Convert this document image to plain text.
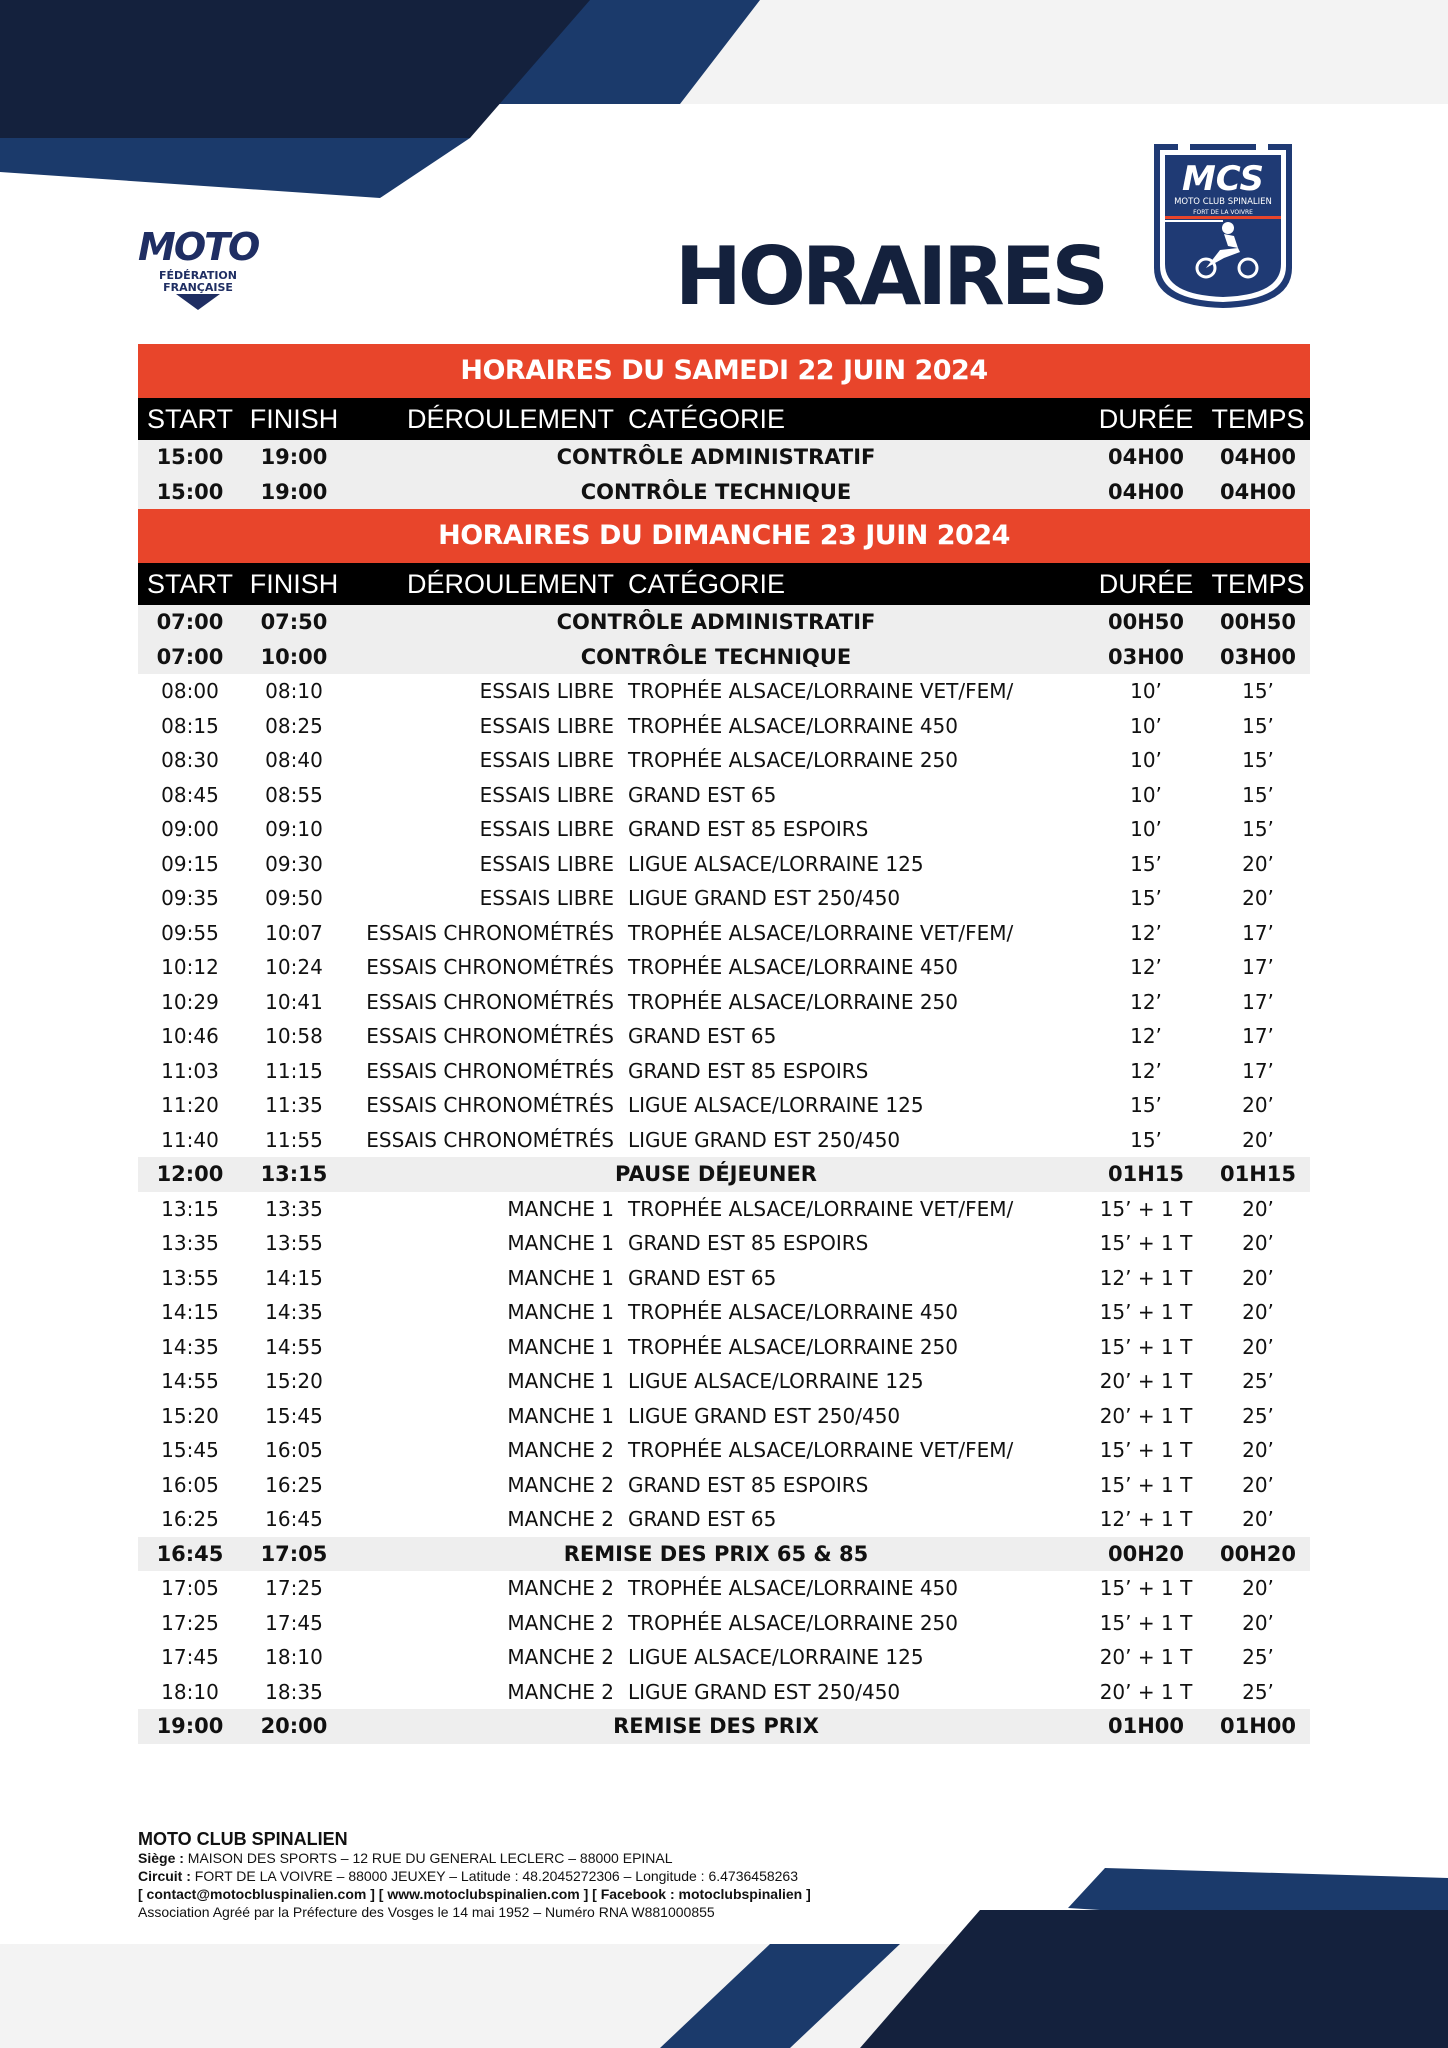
MOTO
FÉDÉRATION
FRANÇAISE	HORAIRES
MCS
MOTO CLUB SPINALIEN
FORT DE LA VOIVRE
HORAIRES DU SAMEDI 22 JUIN 2024
START FINISH	DÉROULEMENT CATÉGORIE	DURÉE TEMPS
15:00	19:00	CONTRÔLE ADMINISTRATIF	04H00	04H00
15:00	19:00	CONTRÔLE TECHNIQUE	04H00	04H00
HORAIRES DU DIMANCHE 23 JUIN 2024
START FINISH	DÉROULEMENT CATÉGORIE	DURÉE TEMPS
07:00	07:50	CONTRÔLE ADMINISTRATIF	00H50	00H50
07:00	10:00	CONTRÔLE TECHNIQUE	03H00	03H00
08:00	08:10	ESSAIS LIBRE TROPHÉE ALSACE/LORRAINE VET/FEM/	10’	15’
08:15	08:25	ESSAIS LIBRE TROPHÉE ALSACE/LORRAINE 450	10’	15’
08:30	08:40	ESSAIS LIBRE TROPHÉE ALSACE/LORRAINE 250	10’	15’
08:45	08:55	ESSAIS LIBRE GRAND EST 65	10’	15’
09:00	09:10	ESSAIS LIBRE GRAND EST 85 ESPOIRS	10’	15’
09:15	09:30	ESSAIS LIBRE LIGUE ALSACE/LORRAINE 125	15’	20’
09:35	09:50	ESSAIS LIBRE LIGUE GRAND EST 250/450	15’	20’
09:55	10:07	ESSAIS CHRONOMÉTRÉS TROPHÉE ALSACE/LORRAINE VET/FEM/	12’	17’
10:12	10:24	ESSAIS CHRONOMÉTRÉS TROPHÉE ALSACE/LORRAINE 450	12’	17’
10:29	10:41	ESSAIS CHRONOMÉTRÉS TROPHÉE ALSACE/LORRAINE 250	12’	17’
10:46	10:58	ESSAIS CHRONOMÉTRÉS GRAND EST 65	12’	17’
11:03	11:15	ESSAIS CHRONOMÉTRÉS GRAND EST 85 ESPOIRS	12’	17’
11:20	11:35	ESSAIS CHRONOMÉTRÉS LIGUE ALSACE/LORRAINE 125	15’	20’
11:40	11:55	ESSAIS CHRONOMÉTRÉS LIGUE GRAND EST 250/450	15’	20’
12:00	13:15	PAUSE DÉJEUNER	01H15	01H15
13:15	13:35	MANCHE 1 TROPHÉE ALSACE/LORRAINE VET/FEM/	15’ + 1 T	20’
13:35	13:55	MANCHE 1 GRAND EST 85 ESPOIRS	15’ + 1 T	20’
13:55	14:15	MANCHE 1 GRAND EST 65	12’ + 1 T	20’
14:15	14:35	MANCHE 1 TROPHÉE ALSACE/LORRAINE 450	15’ + 1 T	20’
14:35	14:55	MANCHE 1 TROPHÉE ALSACE/LORRAINE 250	15’ + 1 T	20’
14:55	15:20	MANCHE 1 LIGUE ALSACE/LORRAINE 125	20’ + 1 T	25’
15:20	15:45	MANCHE 1 LIGUE GRAND EST 250/450	20’ + 1 T	25’
15:45	16:05	MANCHE 2 TROPHÉE ALSACE/LORRAINE VET/FEM/	15’ + 1 T	20’
16:05	16:25	MANCHE 2 GRAND EST 85 ESPOIRS	15’ + 1 T	20’
16:25	16:45	MANCHE 2 GRAND EST 65	12’ + 1 T	20’
16:45	17:05	REMISE DES PRIX 65 & 85	00H20	00H20
17:05	17:25	MANCHE 2 TROPHÉE ALSACE/LORRAINE 450	15’ + 1 T	20’
17:25	17:45	MANCHE 2 TROPHÉE ALSACE/LORRAINE 250	15’ + 1 T	20’
17:45	18:10	MANCHE 2 LIGUE ALSACE/LORRAINE 125	20’ + 1 T	25’
18:10	18:35	MANCHE 2 LIGUE GRAND EST 250/450	20’ + 1 T	25’
19:00	20:00	REMISE DES PRIX	01H00	01H00
MOTO CLUB SPINALIEN
Siège : MAISON DES SPORTS – 12 RUE DU GENERAL LECLERC – 88000 EPINAL
Circuit : FORT DE LA VOIVRE – 88000 JEUXEY – Latitude : 48.2045272306 – Longitude : 6.4736458263
[ contact@motocbluspinalien.com ] [ www.motoclubspinalien.com ] [ Facebook : motoclubspinalien ]
Association Agréé par la Préfecture des Vosges le 14 mai 1952 – Numéro RNA W881000855
